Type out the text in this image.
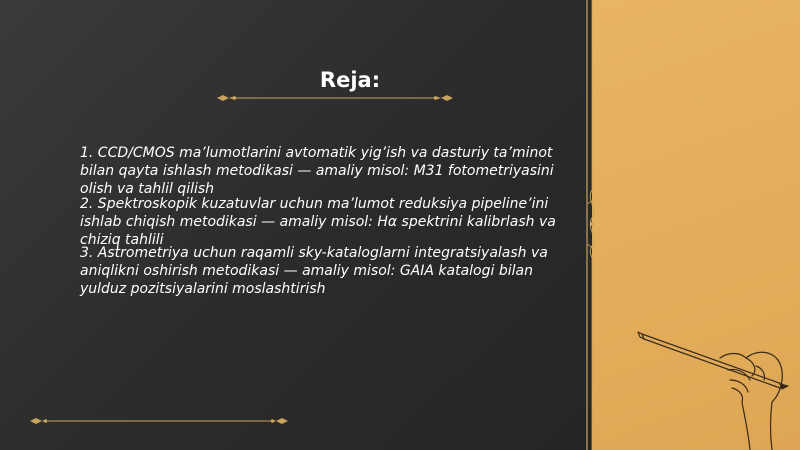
Reja:
1. CCD/CMOS ma’lumotlarini avtomatik yig’ish va dasturiy ta’minot bilan qayta ishlash metodikasi — amaliy misol: M31 fotometriyasini olish va tahlil qilish
2. Spektroskopik kuzatuvlar uchun ma’lumot reduksiya pipeline’ini ishlab chiqish metodikasi — amaliy misol: Hα spektrini kalibrlash va chiziq tahlili
3. Astrometriya uchun raqamli sky-kataloglarni integratsiyalash va aniqlikni oshirish metodikasi — amaliy misol: GAIA katalogi bilan yulduz pozitsiyalarini moslashtirish
